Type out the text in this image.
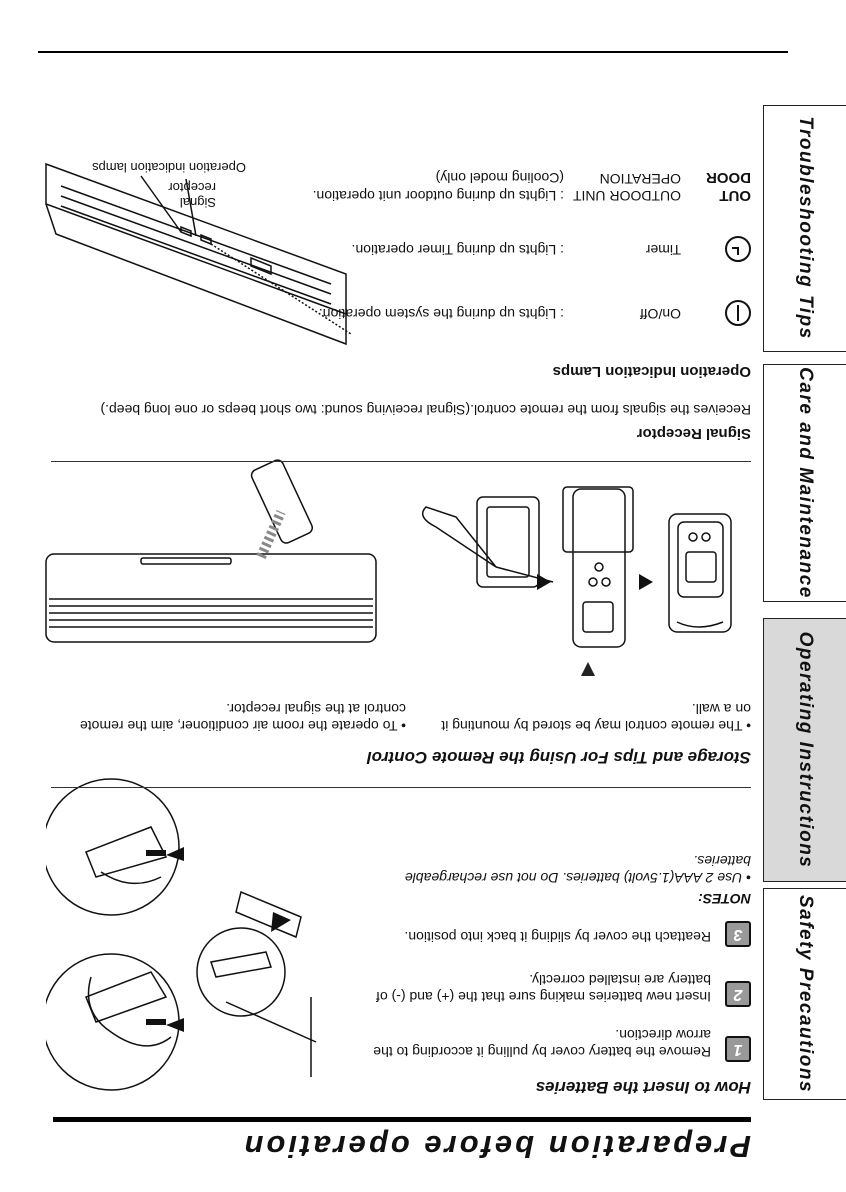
Safety Precautions
Operating Instructions
Care and Maintenance
Troubleshooting Tips
Preparation before operation
How to Insert the Batteries
1
Remove the battery cover by pulling it according to the arrow direction.
2
Insert new batteries making sure that the (+) and (-) of battery are installed correctly.
3
Reattach the cover by sliding it back into position.
NOTES:
• Use 2 AAA(1.5volt) batteries. Do not use rechargeable batteries.
Storage and Tips For Using the Remote Control
• The remote control may be stored by mounting it on a wall.
• To operate the room air conditioner, aim the remote control at the signal receptor.
Signal Receptor
Receives the signals from the remote control.(Signal receiving sound: two short beeps or one long beep.)
Operation Indication Lamps
On/Off
: Lights up during the system operation.
Timer
: Lights up during Timer operation.
OUT DOOR
OUTDOOR UNIT OPERATION
: Lights up during outdoor unit operation.
(Cooling model only)
Signal receptor
Operation indication lamps
